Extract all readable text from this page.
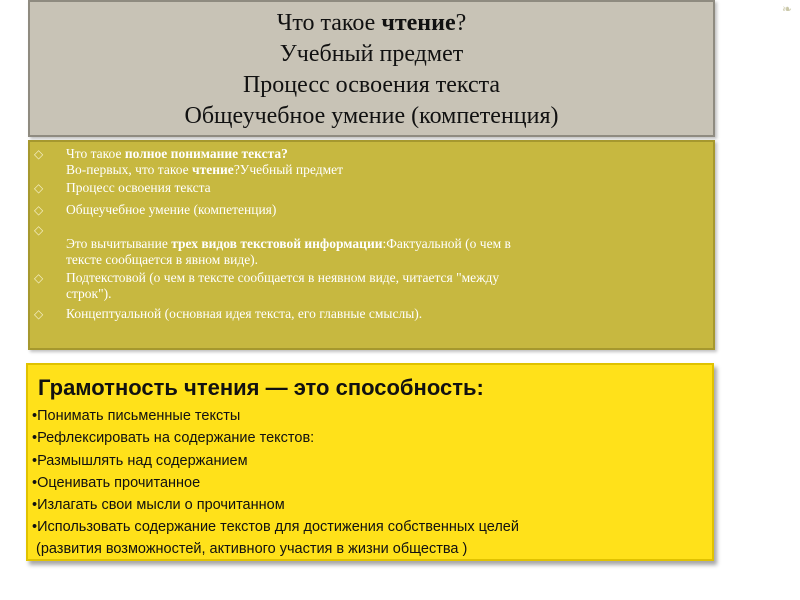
❧
Что такое чтение?
Учебный предмет
Процесс освоения текста
Общеучебное умение (компетенция)
◇	Что такое полное понимание текста?
Во-первых, что такое чтение?Учебный предмет
◇	Процесс освоения текста
◇	Общеучебное умение (компетенция)
◇
Это вычитывание трех видов текстовой информации:Фактуальной (о чем в
тексте сообщается в явном виде).
◇	Подтекстовой (о чем в тексте сообщается в неявном виде, читается "между
строк").
◇	Концептуальной (основная идея текста, его главные смыслы).
Грамотность чтения — это способность:
•Понимать письменные тексты
•Рефлексировать на содержание текстов:
•Размышлять над содержанием
•Оценивать прочитанное
•Излагать свои мысли о прочитанном
•Использовать содержание текстов для достижения собственных целей
(развития возможностей, активного участия в жизни общества )
